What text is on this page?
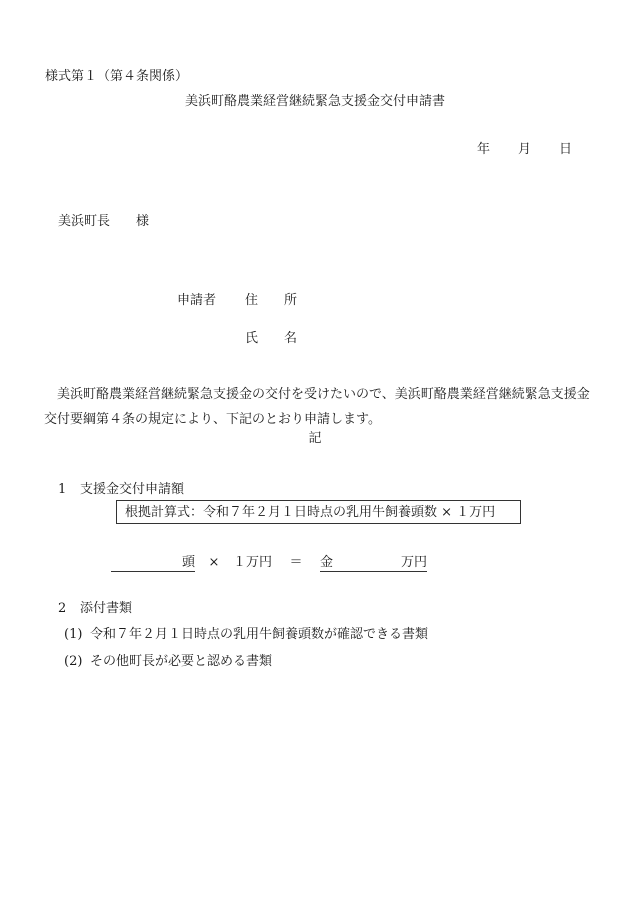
様式第１（第４条関係）
美浜町酪農業経営継続緊急支援金交付申請書
年 月 日
美浜町長 様
申請者 住 所
氏 名
美浜町酪農業経営継続緊急支援金の交付を受けたいので、美浜町酪農業経営継続緊急支援金交付要綱第４条の規定により、下記のとおり申請します。
記
1 支援金交付申請額
根拠計算式：令和７年２月１日時点の乳用牛飼養頭数 × １万円
頭 × １万円 ＝ 金	万円
2 添付書類
(1) 令和７年２月１日時点の乳用牛飼養頭数が確認できる書類
(2) その他町長が必要と認める書類
